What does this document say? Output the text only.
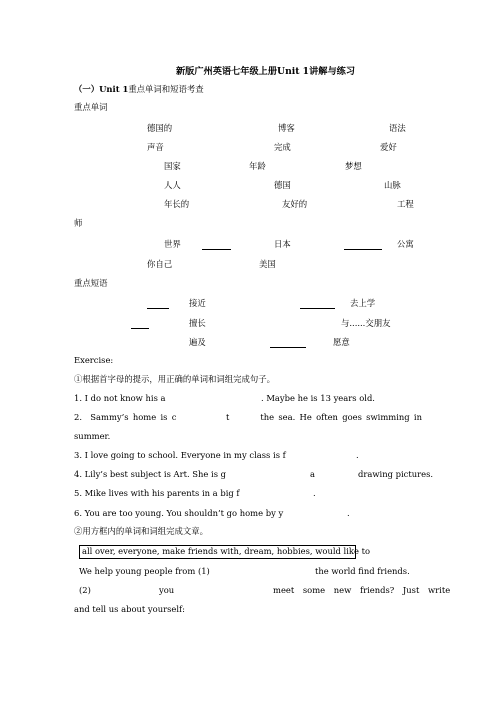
新版广州英语七年级上册Unit 1讲解与练习
（一）Unit 1重点单词和短语考查
重点单词
德国的	博客	语法
声音	完成	爱好
国家	年龄	梦想
人人	德国	山脉
年长的	友好的	工程
师
世界	日本	公寓
你自己	美国
重点短语
接近	去上学
擅长	与......交朋友
遍及	愿意
Exercise:
①根据首字母的提示，用正确的单词和词组完成句子。
1. I do not know his a	. Maybe he is 13 years old.
2. Sammy’s home is c	t	the sea. He often goes swimming in
summer.
3. I love going to school. Everyone in my class is f	.
4. Lily’s best subject is Art. She is g	a	drawing pictures.
5. Mike lives with his parents in a big f	.
6. You are too young. You shouldn’t go home by y	.
②用方框内的单词和词组完成文章。
all over, everyone, make friends with, dream, hobbies, would like to
We help young people from (1)	the world find friends.
(2)	you	meet some new friends? Just write
and tell us about yourself:
